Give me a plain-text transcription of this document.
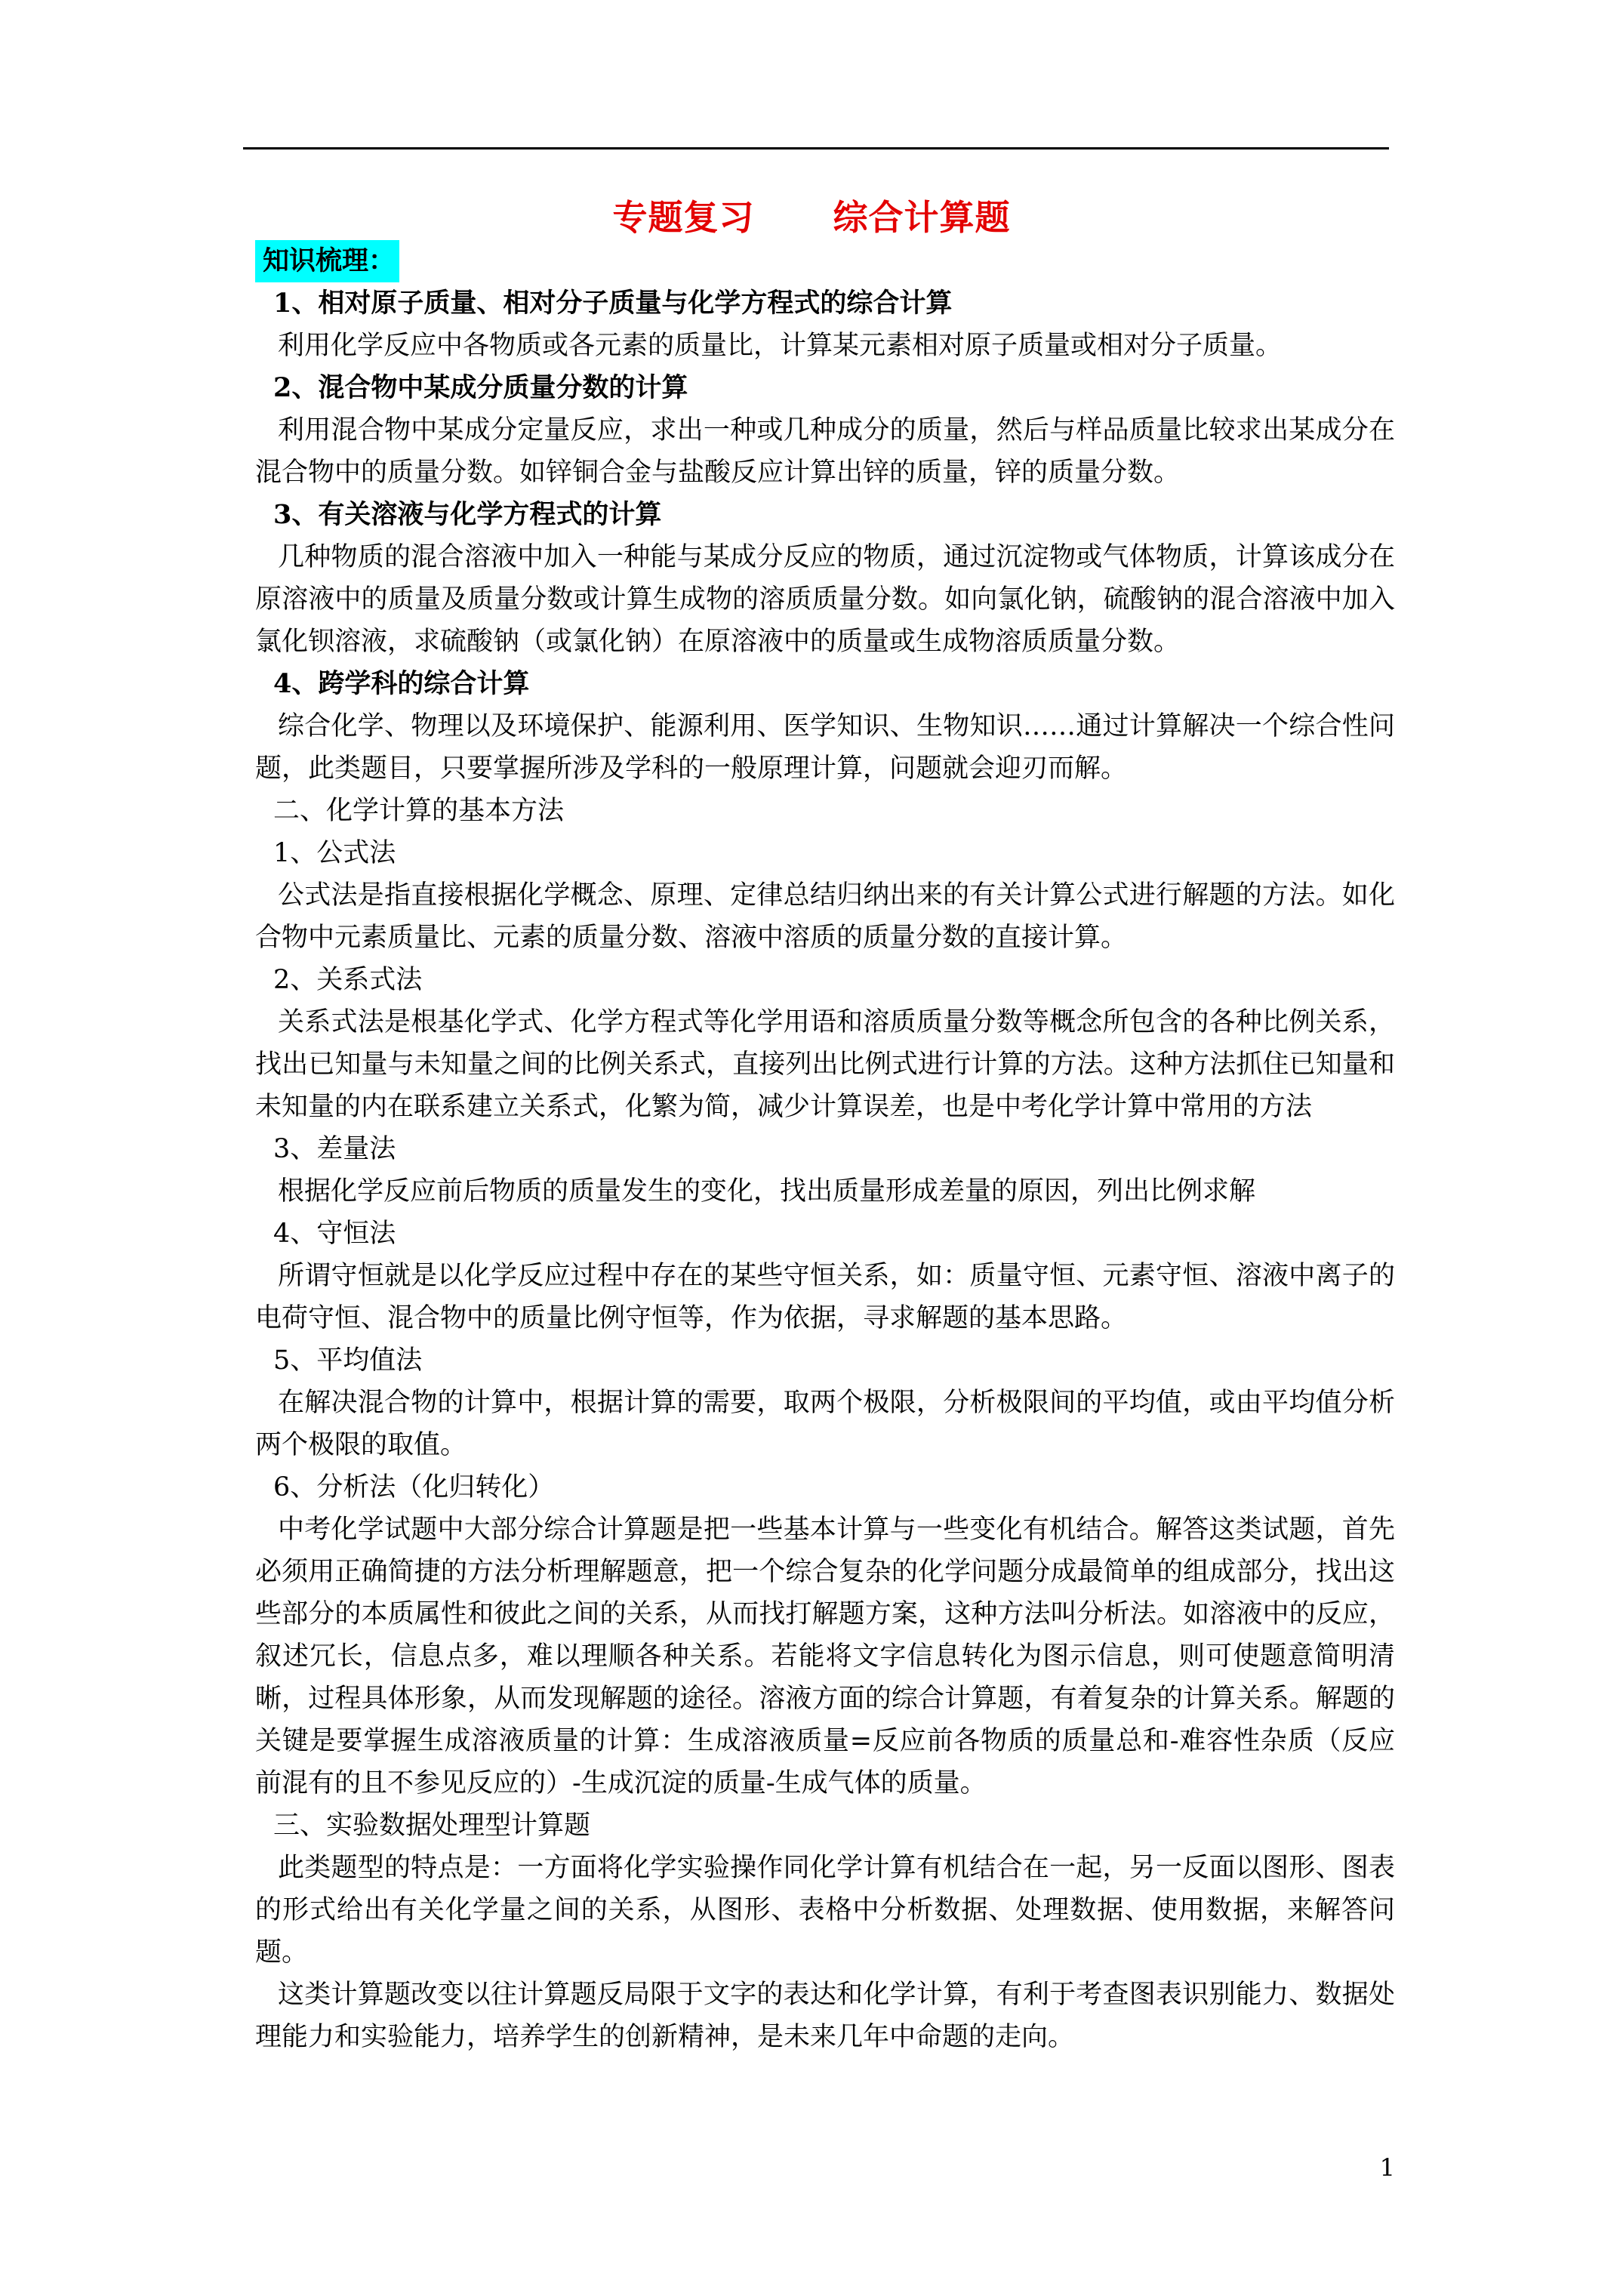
专题复习　 综合计算题
知识梳理：
1、相对原子质量、相对分子质量与化学方程式的综合计算

利用化学反应中各物质或各元素的质量比，计算某元素相对原子质量或相对分子质量。

2、混合物中某成分质量分数的计算

利用混合物中某成分定量反应，求出一种或几种成分的质量，然后与样品质量比较求出某成分在混合物中的质量分数。如锌铜合金与盐酸反应计算出锌的质量，锌的质量分数。

3、有关溶液与化学方程式的计算

几种物质的混合溶液中加入一种能与某成分反应的物质，通过沉淀物或气体物质，计算该成分在原溶液中的质量及质量分数或计算生成物的溶质质量分数。如向氯化钠，硫酸钠的混合溶液中加入氯化钡溶液，求硫酸钠（或氯化钠）在原溶液中的质量或生成物溶质质量分数。

4、跨学科的综合计算

综合化学、物理以及环境保护、能源利用、医学知识、生物知识……通过计算解决一个综合性问题，此类题目，只要掌握所涉及学科的一般原理计算，问题就会迎刃而解。

二、化学计算的基本方法
1、公式法

公式法是指直接根据化学概念、原理、定律总结归纳出来的有关计算公式进行解题的方法。如化合物中元素质量比、元素的质量分数、溶液中溶质的质量分数的直接计算。

2、关系式法

关系式法是根基化学式、化学方程式等化学用语和溶质质量分数等概念所包含的各种比例关系，找出已知量与未知量之间的比例关系式，直接列出比例式进行计算的方法。这种方法抓住已知量和未知量的内在联系建立关系式，化繁为简，减少计算误差，也是中考化学计算中常用的方法

3、差量法

根据化学反应前后物质的质量发生的变化，找出质量形成差量的原因，列出比例求解

4、守恒法

所谓守恒就是以化学反应过程中存在的某些守恒关系，如：质量守恒、元素守恒、溶液中离子的电荷守恒、混合物中的质量比例守恒等，作为依据，寻求解题的基本思路。

5、平均值法

在解决混合物的计算中，根据计算的需要，取两个极限，分析极限间的平均值，或由平均值分析两个极限的取值。

6、分析法（化归转化）

中考化学试题中大部分综合计算题是把一些基本计算与一些变化有机结合。解答这类试题，首先必须用正确简捷的方法分析理解题意，把一个综合复杂的化学问题分成最简单的组成部分，找出这些部分的本质属性和彼此之间的关系，从而找打解题方案，这种方法叫分析法。如溶液中的反应，叙述冗长，信息点多，难以理顺各种关系。若能将文字信息转化为图示信息，则可使题意简明清晰，过程具体形象，从而发现解题的途径。溶液方面的综合计算题，有着复杂的计算关系。解题的关键是要掌握生成溶液质量的计算：生成溶液质量=反应前各物质的质量总和-难容性杂质（反应前混有的且不参见反应的）-生成沉淀的质量-生成气体的质量。

三、实验数据处理型计算题

此类题型的特点是：一方面将化学实验操作同化学计算有机结合在一起，另一反面以图形、图表的形式给出有关化学量之间的关系，从图形、表格中分析数据、处理数据、使用数据，来解答问题。

这类计算题改变以往计算题反局限于文字的表达和化学计算，有利于考查图表识别能力、数据处理能力和实验能力，培养学生的创新精神，是未来几年中命题的走向。

1
